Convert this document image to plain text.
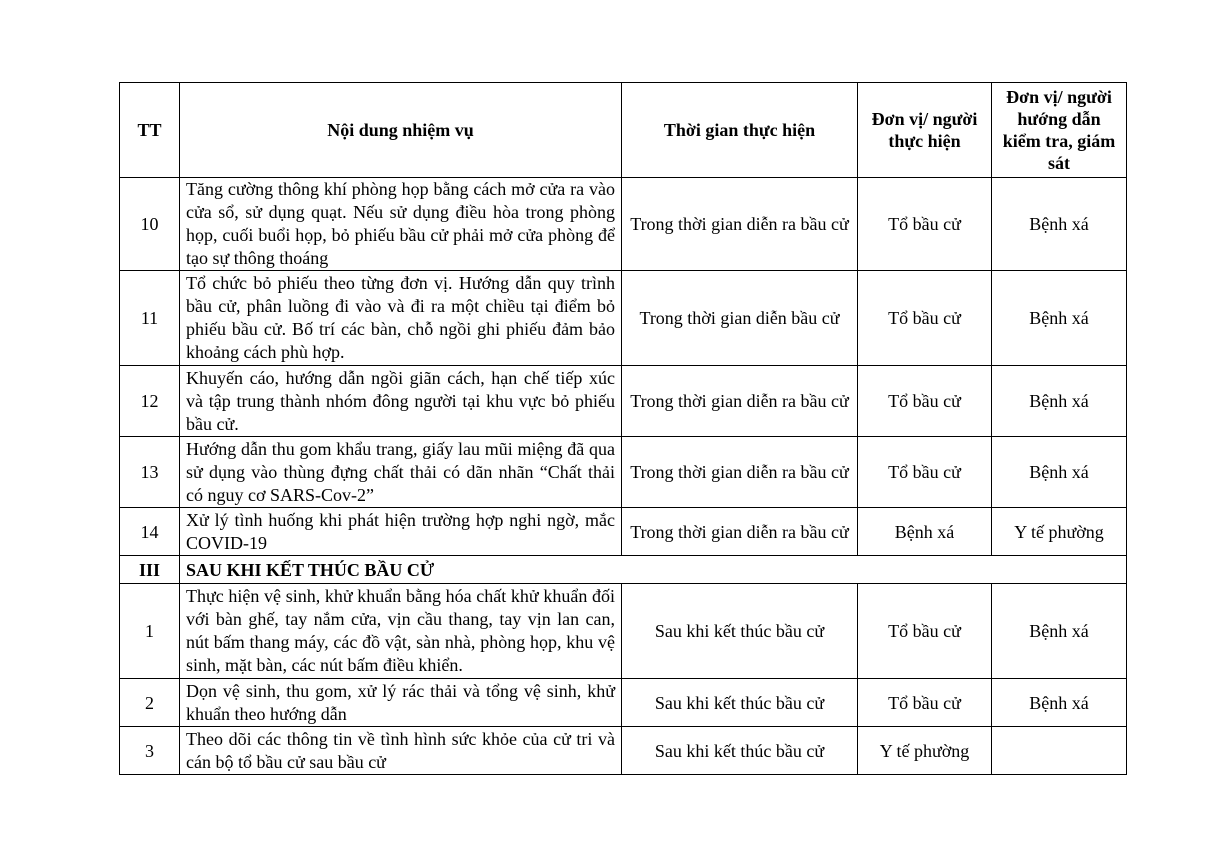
TT	Nội dung nhiệm vụ	Thời gian thực hiện	Đơn vị/ người thực hiện	Đơn vị/ người hướng dẫn kiểm tra, giám sát
10	Tăng cường thông khí phòng họp bằng cách mở cửa ra vào cửa sổ, sử dụng quạt. Nếu sử dụng điều hòa trong phòng họp, cuối buổi họp, bỏ phiếu bầu cử phải mở cửa phòng để tạo sự thông thoáng	Trong thời gian diễn ra bầu cử	Tổ bầu cử	Bệnh xá
11	Tổ chức bỏ phiếu theo từng đơn vị. Hướng dẫn quy trình bầu cử, phân luồng đi vào và đi ra một chiều tại điểm bỏ phiếu bầu cử. Bố trí các bàn, chỗ ngồi ghi phiếu đảm bảo khoảng cách phù hợp.	Trong thời gian diễn bầu cử	Tổ bầu cử	Bệnh xá
12	Khuyến cáo, hướng dẫn ngồi giãn cách, hạn chế tiếp xúc và tập trung thành nhóm đông người tại khu vực bỏ phiếu bầu cử.	Trong thời gian diễn ra bầu cử	Tổ bầu cử	Bệnh xá
13	Hướng dẫn thu gom khẩu trang, giấy lau mũi miệng đã qua sử dụng vào thùng đựng chất thải có dãn nhãn “Chất thải có nguy cơ SARS-Cov-2”	Trong thời gian diễn ra bầu cử	Tổ bầu cử	Bệnh xá
14	Xử lý tình huống khi phát hiện trường hợp nghi ngờ, mắc COVID-19	Trong thời gian diễn ra bầu cử	Bệnh xá	Y tế phường
III	SAU KHI KẾT THÚC BẦU CỬ			
1	Thực hiện vệ sinh, khử khuẩn bằng hóa chất khử khuẩn đối với bàn ghế, tay nắm cửa, vịn cầu thang, tay vịn lan can, nút bấm thang máy, các đồ vật, sàn nhà, phòng họp, khu vệ sinh, mặt bàn, các nút bấm điều khiển.	Sau khi kết thúc bầu cử	Tổ bầu cử	Bệnh xá
2	Dọn vệ sinh, thu gom, xử lý rác thải và tổng vệ sinh, khử khuẩn theo hướng dẫn	Sau khi kết thúc bầu cử	Tổ bầu cử	Bệnh xá
3	Theo dõi các thông tin về tình hình sức khỏe của cử tri và cán bộ tổ bầu cử sau bầu cử	Sau khi kết thúc bầu cử	Y tế phường	
